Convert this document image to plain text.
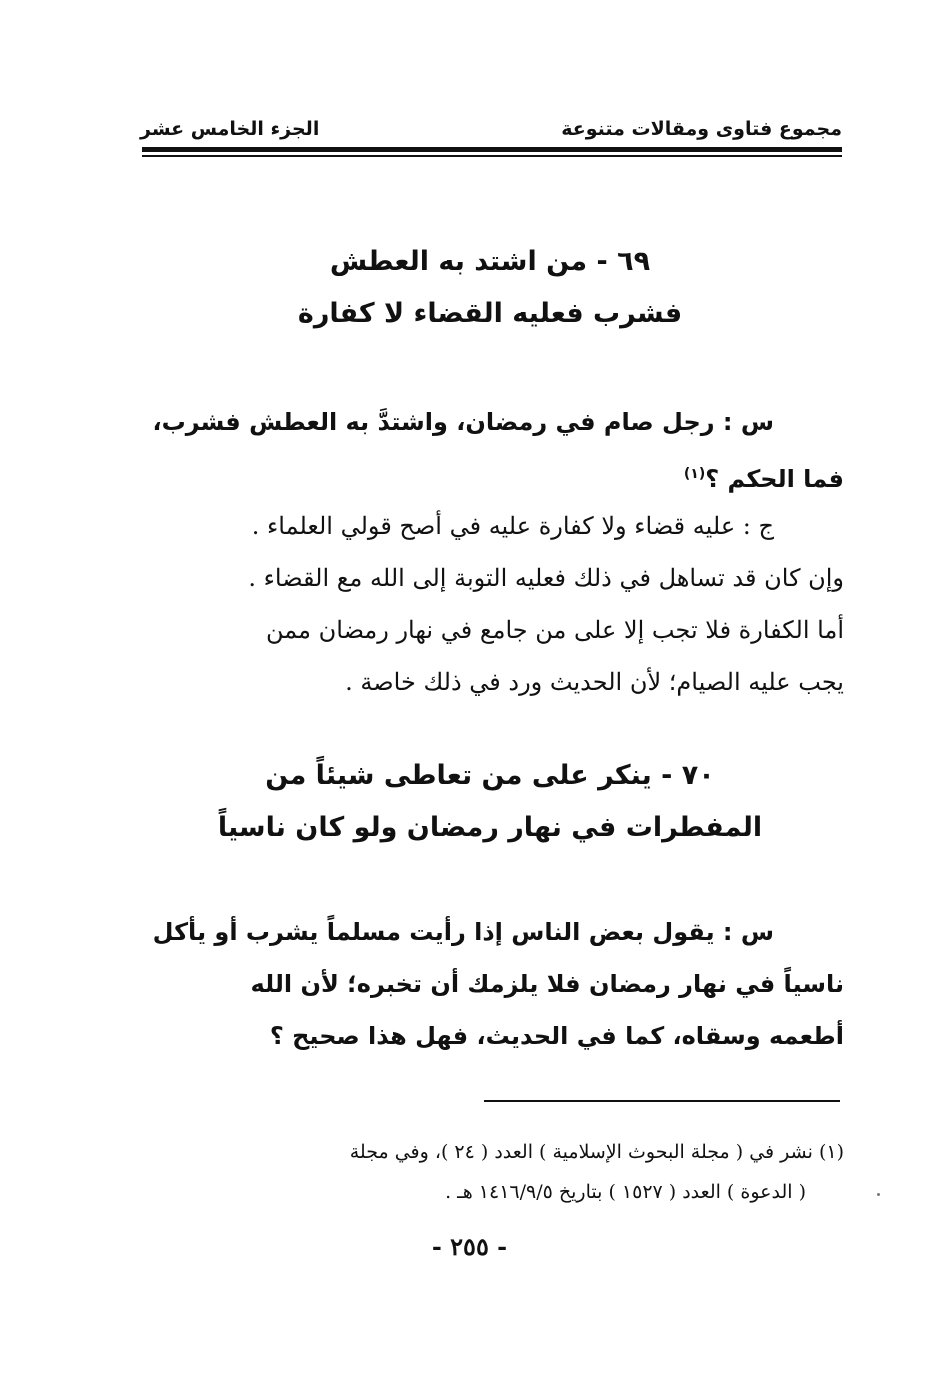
مجموع فتاوى ومقالات متنوعة
الجزء الخامس عشر
٦٩ - من اشتد به العطش
فشرب فعليه القضاء لا كفارة
س : رجل صام في رمضان، واشتدَّ به العطش فشرب،
فما الحكم ؟$^{(١)}$
ج : عليه قضاء ولا كفارة عليه في أصح قولي العلماء .
وإن كان قد تساهل في ذلك فعليه التوبة إلى الله مع القضاء .
أما الكفارة فلا تجب إلا على من جامع في نهار رمضان ممن
يجب عليه الصيام؛ لأن الحديث ورد في ذلك خاصة .
٧٠ - ينكر على من تعاطى شيئاً من
المفطرات في نهار رمضان ولو كان ناسياً
س : يقول بعض الناس إذا رأيت مسلماً يشرب أو يأكل
ناسياً في نهار رمضان فلا يلزمك أن تخبره؛ لأن الله
أطعمه وسقاه، كما في الحديث، فهل هذا صحيح ؟
(١) نشر في ( مجلة البحوث الإسلامية ) العدد ( ٢٤ )، وفي مجلة
( الدعوة ) العدد ( ١٥٢٧ ) بتاريخ ١٤١٦/٩/٥ هـ .
- ٢٥٥ -
